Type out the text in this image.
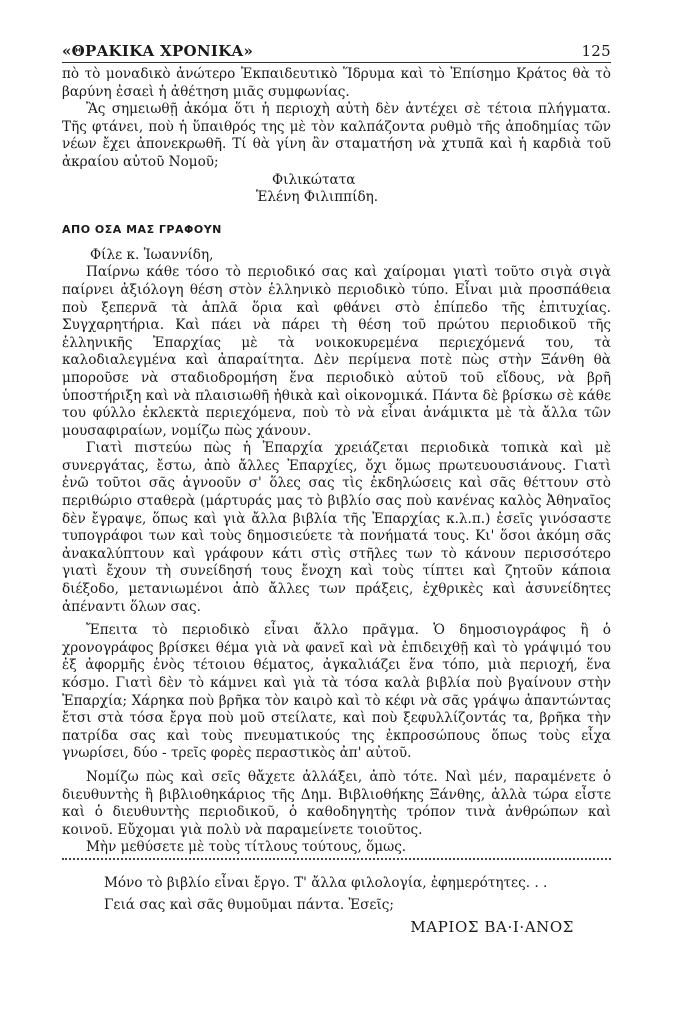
«ΘΡΑΚΙΚΑ ΧΡΟΝΙΚΑ»	125

πὸ τὸ μοναδικὸ ἀνώτερο Ἐκπαιδευτικὸ Ἵδρυμα καὶ τὸ Ἐπίσημο Κράτος θὰ τὸ βαρύνη ἐσαεὶ ἡ ἀθέτηση μιᾶς συμφωνίας.

Ἂς σημειωθῇ ἀκόμα ὅτι ἡ περιοχὴ αὐτὴ δὲν ἀντέχει σὲ τέτοια πλήγματα. Τῆς φτάνει, ποὺ ἡ ὕπαιθρός της μὲ τὸν καλπάζοντα ρυθμὸ τῆς ἀποδημίας τῶν νέων ἔχει ἀπονεκρωθῆ. Τί θὰ γίνη ἂν σταματήση νὰ χτυπᾶ καὶ ἡ καρδιὰ τοῦ ἀκραίου αὐτοῦ Νομοῦ;

Φιλικώτατα

Ἑλένη Φιλιππίδη.

ΑΠΟ ΟΣΑ ΜΑΣ ΓΡΑΦΟΥΝ

Φίλε κ. Ἰωαννίδη,

Παίρνω κάθε τόσο τὸ περιοδικό σας καὶ χαίρομαι γιατὶ τοῦτο σιγὰ σιγὰ παίρνει ἀξιόλογη θέση στὸν ἑλληνικὸ περιοδικὸ τύπο. Εἶναι μιὰ προσπάθεια ποὺ ξεπερνᾶ τὰ ἁπλᾶ ὅρια καὶ φθάνει στὸ ἐπίπεδο τῆς ἐπιτυχίας. Συγχαρητήρια. Καὶ πάει νὰ πάρει τὴ θέση τοῦ πρώτου περιοδικοῦ τῆς ἑλληνικῆς Ἐπαρχίας μὲ τὰ νοικοκυρεμένα περιεχόμενά του, τὰ καλοδιαλεγμένα καὶ ἀπαραίτητα. Δὲν περίμενα ποτὲ πὼς στὴν Ξάνθη θὰ μποροῦσε νὰ σταδιοδρομήση ἕνα περιοδικὸ αὐτοῦ τοῦ εἴδους, νὰ βρῆ ὑποστήριξη καὶ νὰ πλαισιωθῆ ἠθικὰ καὶ οἰκονομικά. Πάντα δὲ βρίσκω σὲ κάθε του φύλλο ἐκλεκτὰ περιεχόμενα, ποὺ τὸ νὰ εἶναι ἀνάμικτα μὲ τὰ ἄλλα τῶν μουσαφιραίων, νομίζω πὼς χάνουν.

Γιατὶ πιστεύω πὼς ἡ Ἐπαρχία χρειάζεται περιοδικὰ τοπικὰ καὶ μὲ συνεργάτας, ἔστω, ἀπὸ ἄλλες Ἐπαρχίες, ὄχι ὅμως πρωτευουσιάνους. Γιατὶ ἐνῶ τοῦτοι σᾶς ἀγνοοῦν σ' ὅλες σας τὶς ἐκδηλώσεις καὶ σᾶς θέττουν στὸ περιθώριο σταθερὰ (μάρτυράς μας τὸ βιβλίο σας ποὺ κανένας καλὸς Ἀθηναῖος δὲν ἔγραψε, ὅπως καὶ γιὰ ἄλλα βιβλία τῆς Ἐπαρχίας κ.λ.π.) ἐσεῖς γινόσαστε τυπογράφοι των καὶ τοὺς δημοσιεύετε τὰ πονήματά τους. Κι' ὅσοι ἀκόμη σᾶς ἀνακαλύπτουν καὶ γράφουν κάτι στὶς στῆλες των τὸ κάνουν περισσότερο γιατὶ ἔχουν τὴ συνείδησή τους ἔνοχη καὶ τοὺς τίπτει καὶ ζητοῦν κάποια διέξοδο, μετανιωμένοι ἀπὸ ἄλλες των πράξεις, ἐχθρικὲς καὶ ἀσυνείδητες ἀπέναντι ὅλων σας.

Ἔπειτα τὸ περιοδικὸ εἶναι ἄλλο πρᾶγμα. Ὁ δημοσιογράφος ἢ ὁ χρονογράφος βρίσκει θέμα γιὰ νὰ φανεῖ καὶ νὰ ἐπιδειχθῇ καὶ τὸ γράψιμό του ἐξ ἀφορμῆς ἑνὸς τέτοιου θέματος, ἀγκαλιάζει ἕνα τόπο, μιὰ περιοχή, ἕνα κόσμο. Γιατὶ δὲν τὸ κάμνει καὶ γιὰ τὰ τόσα καλὰ βιβλία ποὺ βγαίνουν στὴν Ἐπαρχία; Χάρηκα ποὺ βρῆκα τὸν καιρὸ καὶ τὸ κέφι νὰ σᾶς γράψω ἀπαντώντας ἔτσι στὰ τόσα ἔργα ποὺ μοῦ στείλατε, καὶ ποὺ ξεφυλλίζοντάς τα, βρῆκα τὴν πατρίδα σας καὶ τοὺς πνευματικούς της ἐκπροσώπους ὅπως τοὺς εἶχα γνωρίσει, δύο - τρεῖς φορὲς περαστικὸς ἀπ' αὐτοῦ.

Νομίζω πὼς καὶ σεῖς θἄχετε ἀλλάξει, ἀπὸ τότε. Ναὶ μέν, παραμένετε ὁ διευθυντὴς ἢ βιβλιοθηκάριος τῆς Δημ. Βιβλιοθήκης Ξάνθης, ἀλλὰ τώρα εἶστε καὶ ὁ διευθυντὴς περιοδικοῦ, ὁ καθοδηγητὴς τρόπον τινὰ ἀνθρώπων καὶ κοινοῦ. Εὔχομαι γιὰ πολὺ νὰ παραμείνετε τοιοῦτος.

Μὴν μεθύσετε μὲ τοὺς τίτλους τούτους, ὅμως.

Μόνο τὸ βιβλίο εἶναι ἔργο. Τ' ἄλλα φιλολογία, ἐφημερότητες. . .

Γειά σας καὶ σᾶς θυμοῦμαι πάντα. Ἐσεῖς;

ΜΑΡΙΟΣ ΒΑ·Ι·ΑΝΟΣ
